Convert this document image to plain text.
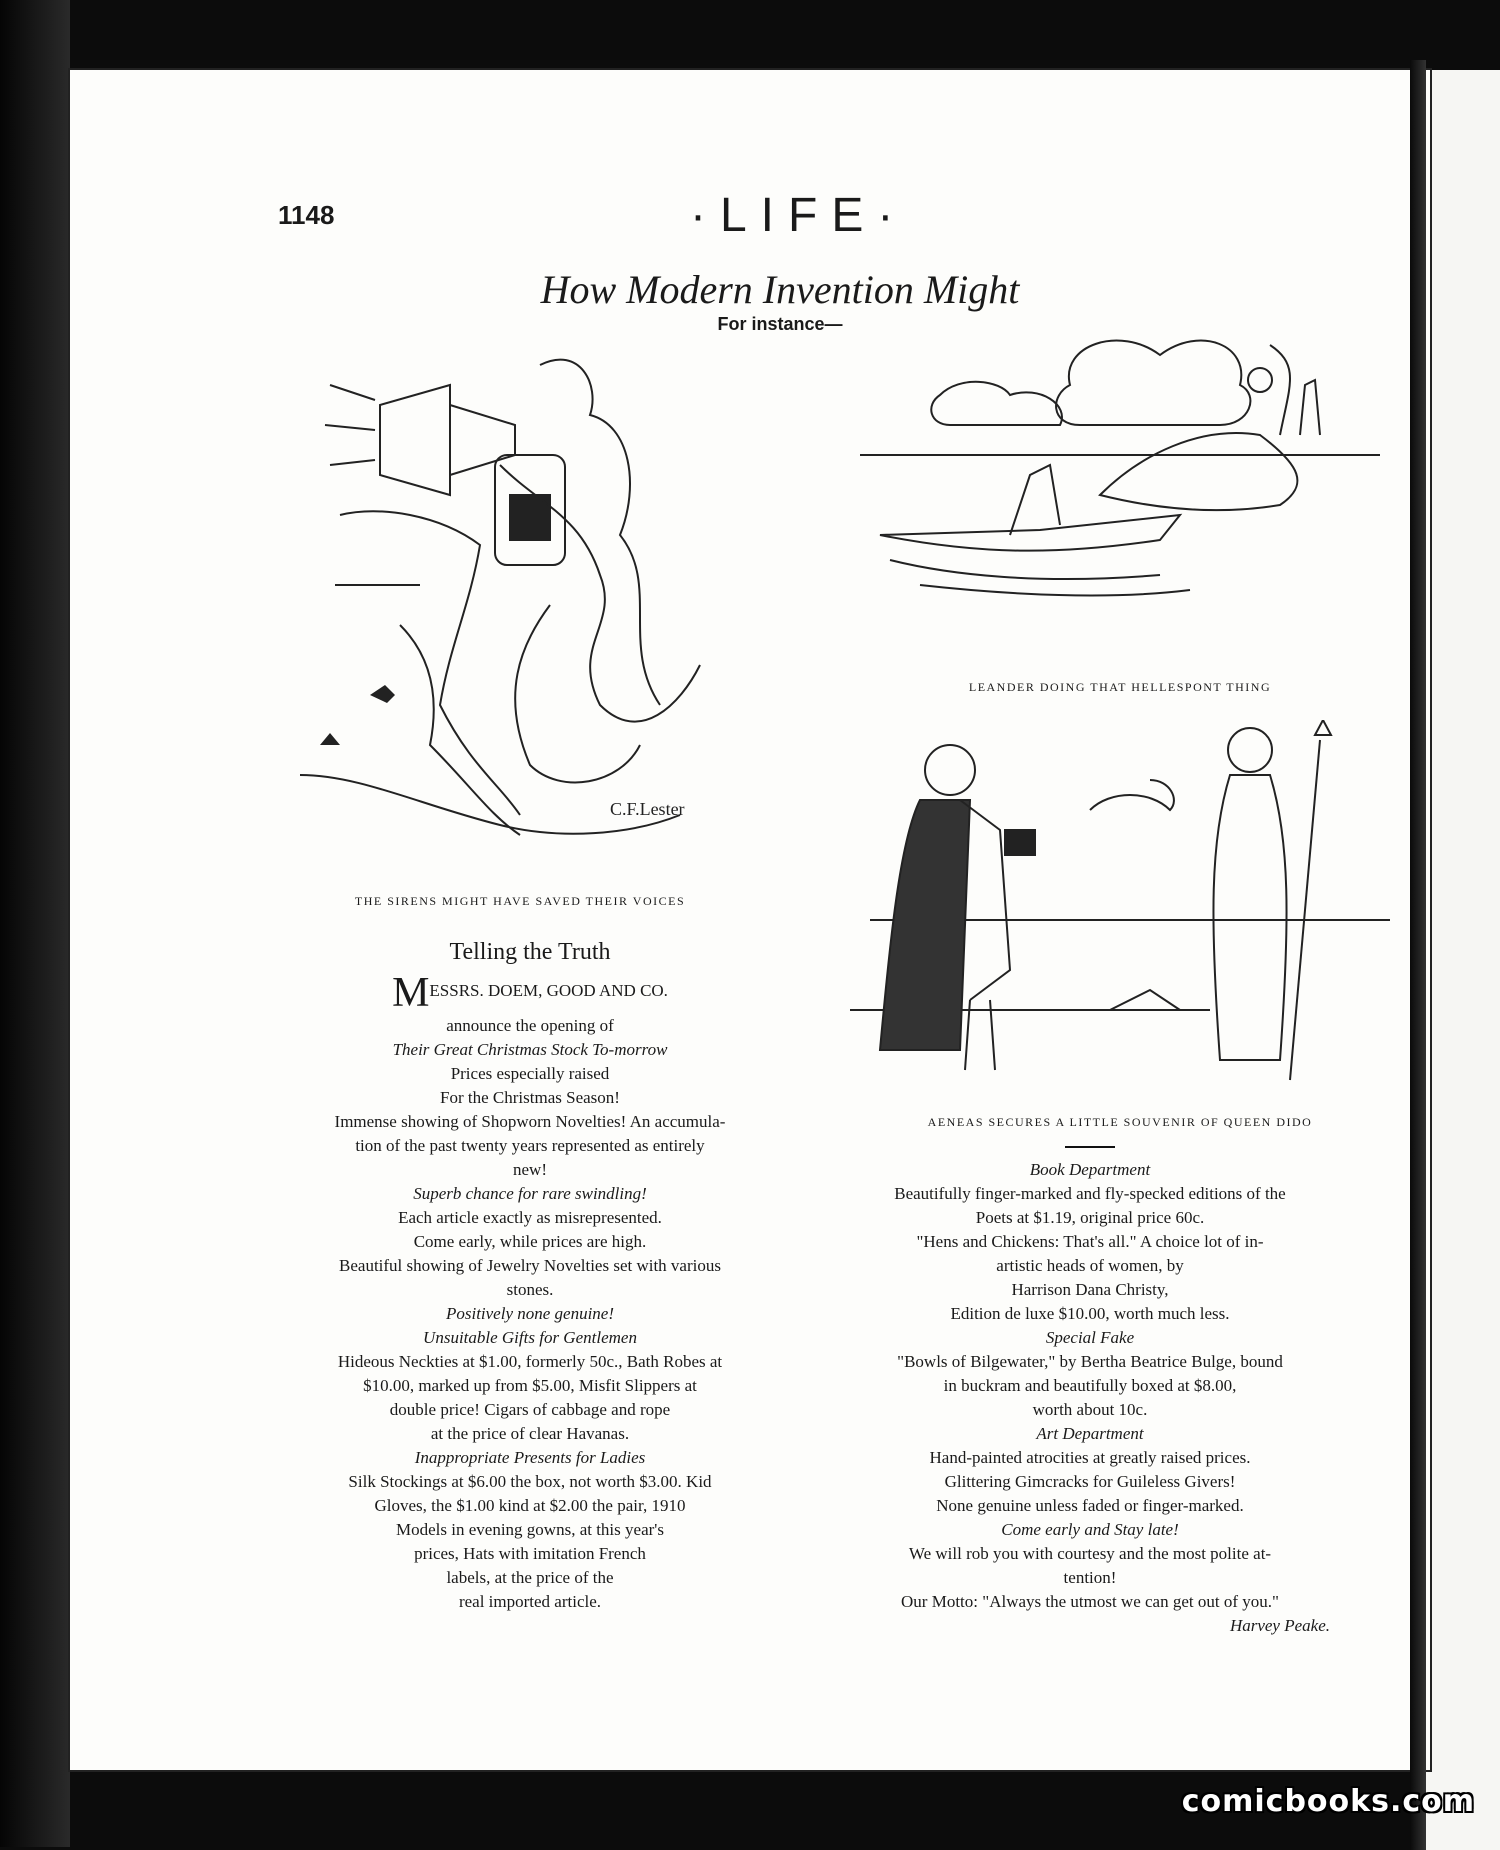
1148	·LIFE·
How Modern Invention Might
For instance—
C.F.Lester
THE SIRENS MIGHT HAVE SAVED THEIR VOICES
LEANDER DOING THAT HELLESPONT THING
AENEAS SECURES A LITTLE SOUVENIR OF QUEEN DIDO
Telling the Truth

MESSRS. DOEM, GOOD AND CO.

announce the opening of

Their Great Christmas Stock To-morrow

Prices especially raised

For the Christmas Season!

Immense showing of Shopworn Novelties! An accumula-

tion of the past twenty years represented as entirely

new!

Superb chance for rare swindling!

Each article exactly as misrepresented.

Come early, while prices are high.

Beautiful showing of Jewelry Novelties set with various

stones.

Positively none genuine!

Unsuitable Gifts for Gentlemen

Hideous Neckties at $1.00, formerly 50c., Bath Robes at

$10.00, marked up from $5.00, Misfit Slippers at

double price! Cigars of cabbage and rope

at the price of clear Havanas.

Inappropriate Presents for Ladies

Silk Stockings at $6.00 the box, not worth $3.00. Kid

Gloves, the $1.00 kind at $2.00 the pair, 1910

Models in evening gowns, at this year's

prices, Hats with imitation French

labels, at the price of the

real imported article.

Book Department

Beautifully finger-marked and fly-specked editions of the

Poets at $1.19, original price 60c.

"Hens and Chickens: That's all." A choice lot of in-

artistic heads of women, by

Harrison Dana Christy,

Edition de luxe $10.00, worth much less.

Special Fake

"Bowls of Bilgewater," by Bertha Beatrice Bulge, bound

in buckram and beautifully boxed at $8.00,

worth about 10c.

Art Department

Hand-painted atrocities at greatly raised prices.

Glittering Gimcracks for Guileless Givers!

None genuine unless faded or finger-marked.

Come early and Stay late!

We will rob you with courtesy and the most polite at-

tention!

Our Motto: "Always the utmost we can get out of you."

Harvey Peake.

comicbooks.com
